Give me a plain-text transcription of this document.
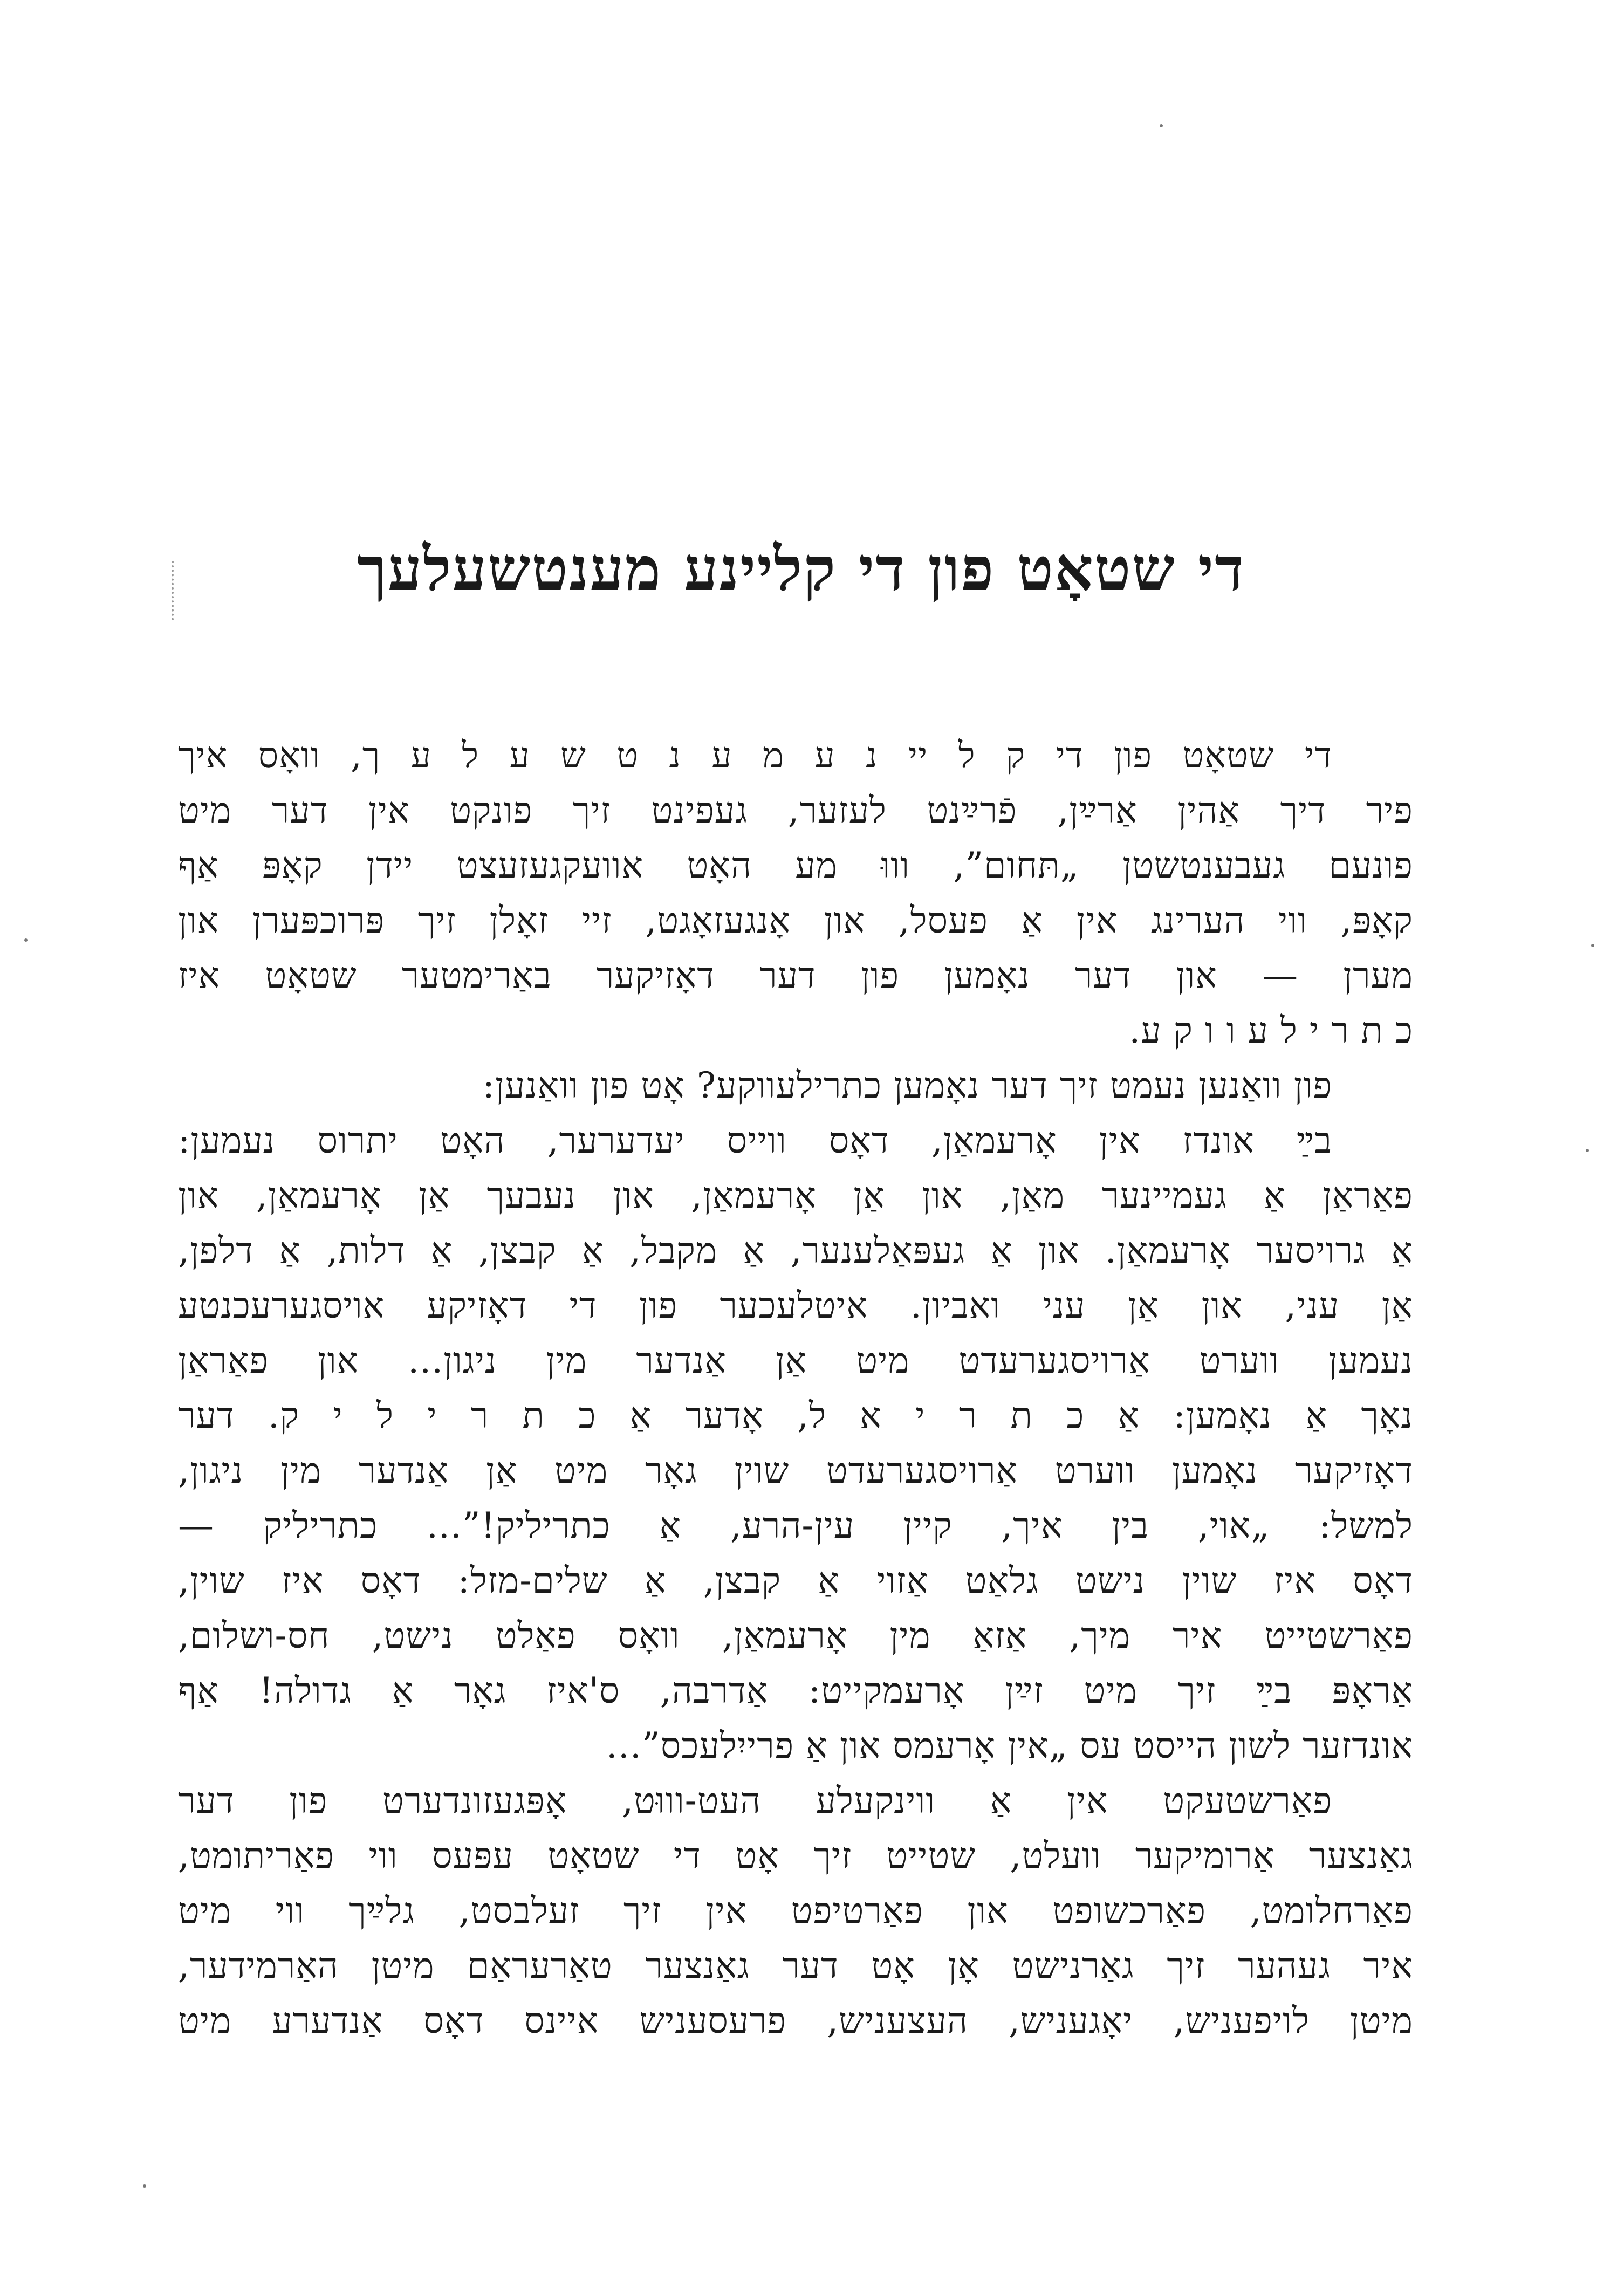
די שטאָט פון די קליינע מענטשעלעך
די שטאָט פון די ק ל יי נ ע מ ע נ ט ש ע ל ע ך, וואָס איך
פיר דיך אַהין אַרײַן, פֿרײַנט לעזער, געפינט זיך פונקט אין דער מיט
פונעם געבענטשטן „תּחום”, וווּ מע האָט אוועקגעזעצט יידן קאָפּ אַף
קאָפּ, ווי הערינג אין אַ פעסל, און אָנגעזאָגט, זיי זאָלן זיך פּרוכפּערן און
מערן — און דער נאָמען פון דער דאָזיקער באַרימטער שטאָט איז
כ ת ר י ל ע ו ו ק ע.
פון וואַנען נעמט זיך דער נאָמען כתרילעווקע? אָט פון וואַנען:
בײַ אונדז אין אָרעמאַן, דאָס ווייס יעדערער, האָט יתרוס נעמען:
פאַראַן אַ געמיינער מאַן, און אַן אָרעמאַן, און נעבעך אַן אָרעמאַן, און
אַ גרויסער אָרעמאַן. און אַ געפּאַלענער, אַ מקבל, אַ קבצן, אַ דלות, אַ דלפן,
אַן עני, און אַן עני ואביון. איטלעכער פון די דאָזיקע אויסגערעכנטע
נעמען ווערט אַרויסגערעדט מיט אַן אַנדער מין ניגון... און פאַראַן
נאָך אַ נאָמען: אַ כ ת ר י א ל, אָדער אַ כ ת ר י ל י ק. דער
דאָזיקער נאָמען ווערט אַרויסגערעדט שוין גאָר מיט אַן אַנדער מין ניגון,
למשל: „אוי, בין איך, קיין עין-הרע, אַ כתריליק!”... כתריליק —
דאָס איז שוין נישט גלאַט אַזוי אַ קבצן, אַ שלים-מזל: דאָס איז שוין,
פאַרשטייט איר מיך, אַזאַ מין אָרעמאַן, וואָס פאַלט נישט, חס-ושלום,
אַראָפּ בײַ זיך מיט זײַן אָרעמקייט: אַדרבה, ס'איז גאָר אַ גדולה! אַף
אונדזער לשון הייסט עס „אין אָרעמס און אַ פרייִלעכס”...
פאַרשטעקט אין אַ ווינקעלע העט-וווּט, אָפּגעזונדערט פון דער
גאַנצער אַרומיקער וועלט, שטייט זיך אָט די שטאָט עפּעס ווי פאַריתומט,
פאַרחלומט, פאַרכשופט און פאַרטיפט אין זיך זעלבסט, גלײַך ווי מיט
איר געהער זיך גאַרנישט אָן אָט דער גאַנצער טאַרעראַם מיטן האַרמידער,
מיטן לויפעניש, יאָגעניש, העצעניש, פרעסעניש איינס דאָס אַנדערע מיט
